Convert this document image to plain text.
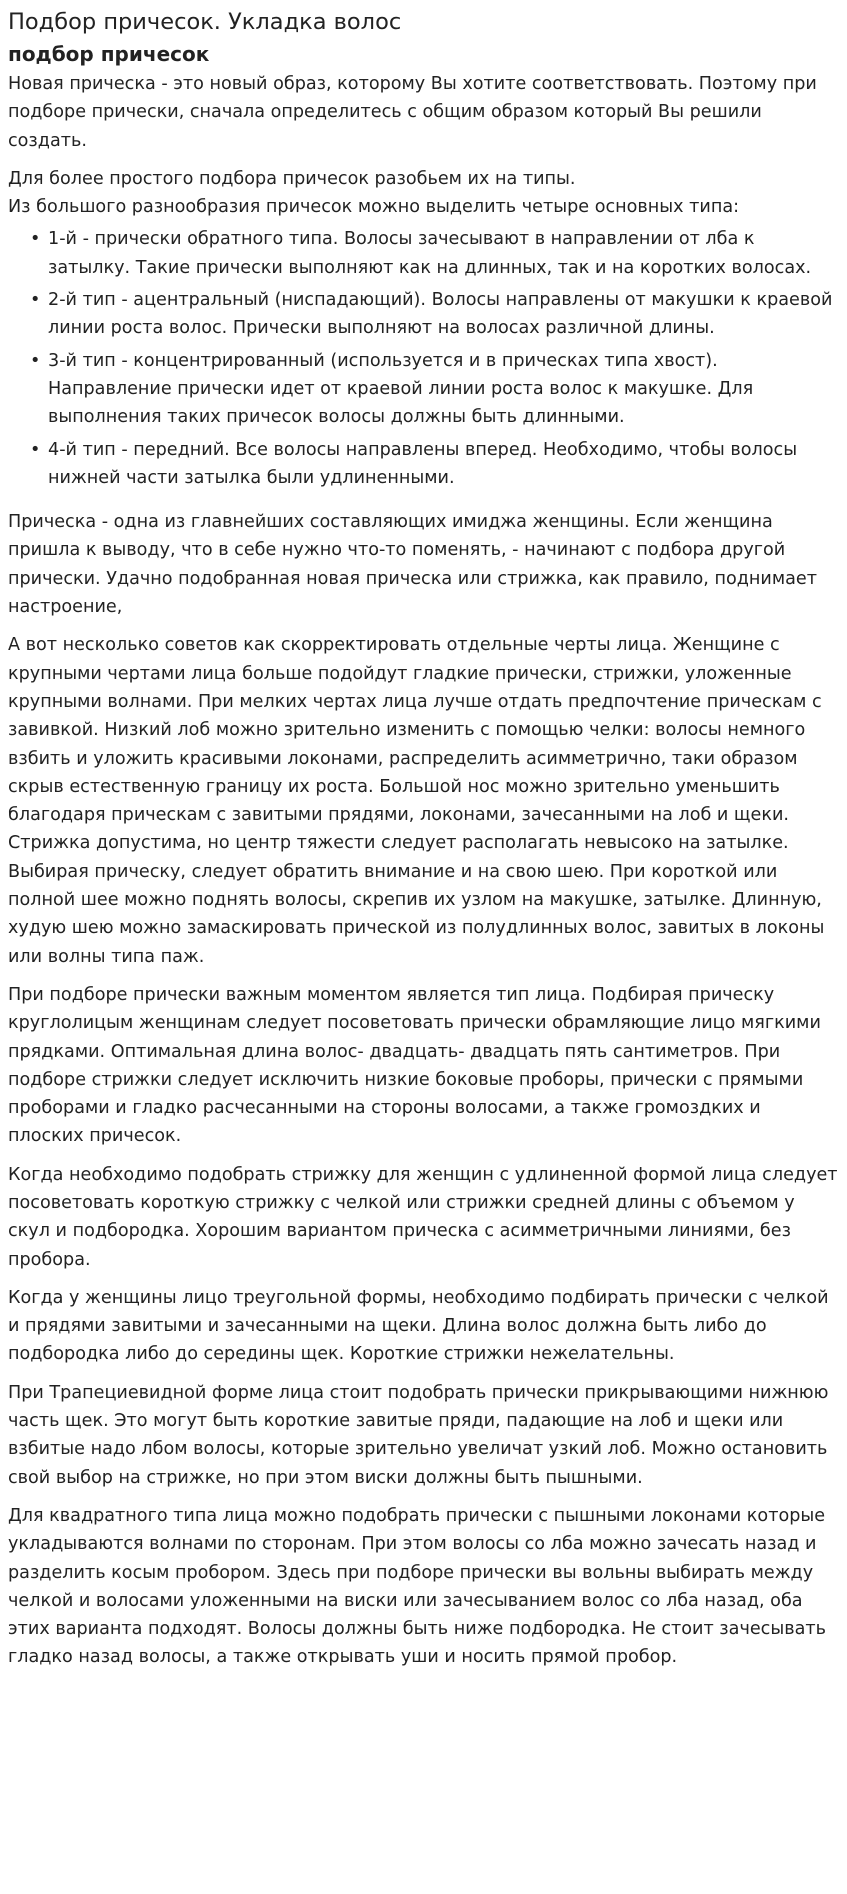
Подбор причесок. Укладка волос
подбор причесок

Новая прическа - это новый образ, которому Вы хотите соответствовать. Поэтому при подборе прически, сначала определитесь с общим образом который Вы решили создать.

Для более простого подбора причесок разобьем их на типы.
Из большого разнообразия причесок можно выделить четыре основных типа:

• 1-й - прически обратного типа. Волосы зачесывают в направлении от лба к затылку. Такие прически выполняют как на длинных, так и на коротких волосах.
• 2-й тип - ацентральный (ниспадающий). Волосы направлены от макушки к краевой линии роста волос. Прически выполняют на волосах различной длины.
• 3-й тип - концентрированный (используется и в прическах типа хвост). Направление прически идет от краевой линии роста волос к макушке. Для выполнения таких причесок волосы должны быть длинными.
• 4-й тип - передний. Все волосы направлены вперед. Необходимо, чтобы волосы нижней части затылка были удлиненными.

Прическа - одна из главнейших составляющих имиджа женщины. Если женщина пришла к выводу, что в себе нужно что-то поменять, - начинают с подбора другой прически. Удачно подобранная новая прическа или стрижка, как правило, поднимает настроение,

А вот несколько советов как скорректировать отдельные черты лица. Женщине с крупными чертами лица больше подойдут гладкие прически, стрижки, уложенные крупными волнами. При мелких чертах лица лучше отдать предпочтение прическам с завивкой. Низкий лоб можно зрительно изменить с помощью челки: волосы немного взбить и уложить красивыми локонами, распределить асимметрично, таки образом скрыв естественную границу их роста. Большой нос можно зрительно уменьшить благодаря прическам с завитыми прядями, локонами, зачесанными на лоб и щеки. Стрижка допустима, но центр тяжести следует располагать невысоко на затылке. Выбирая прическу, следует обратить внимание и на свою шею. При короткой или полной шее можно поднять волосы, скрепив их узлом на макушке, затылке. Длинную, худую шею можно замаскировать прической из полудлинных волос, завитых в локоны или волны типа паж.

При подборе прически важным моментом является тип лица. Подбирая прическу круглолицым женщинам следует посоветовать прически обрамляющие лицо мягкими прядками. Оптимальная длина волос- двадцать- двадцать пять сантиметров. При подборе стрижки следует исключить низкие боковые проборы, прически с прямыми проборами и гладко расчесанными на стороны волосами, а также громоздких и плоских причесок.

Когда необходимо подобрать стрижку для женщин с удлиненной формой лица следует посоветовать короткую стрижку с челкой или стрижки средней длины с объемом у скул и подбородка. Хорошим вариантом прическа с асимметричными линиями, без пробора.

Когда у женщины лицо треугольной формы, необходимо подбирать прически с челкой и прядями завитыми и зачесанными на щеки. Длина волос должна быть либо до подбородка либо до середины щек. Короткие стрижки нежелательны.

При Трапециевидной форме лица стоит подобрать прически прикрывающими нижнюю часть щек. Это могут быть короткие завитые пряди, падающие на лоб и щеки или взбитые надо лбом волосы, которые зрительно увеличат узкий лоб. Можно остановить свой выбор на стрижке, но при этом виски должны быть пышными.

Для квадратного типа лица можно подобрать прически с пышными локонами которые укладываются волнами по сторонам. При этом волосы со лба можно зачесать назад и разделить косым пробором. Здесь при подборе прически вы вольны выбирать между челкой и волосами уложенными на виски или зачесыванием волос со лба назад, оба этих варианта подходят. Волосы должны быть ниже подбородка. Не стоит зачесывать гладко назад волосы, а также открывать уши и носить прямой пробор.
